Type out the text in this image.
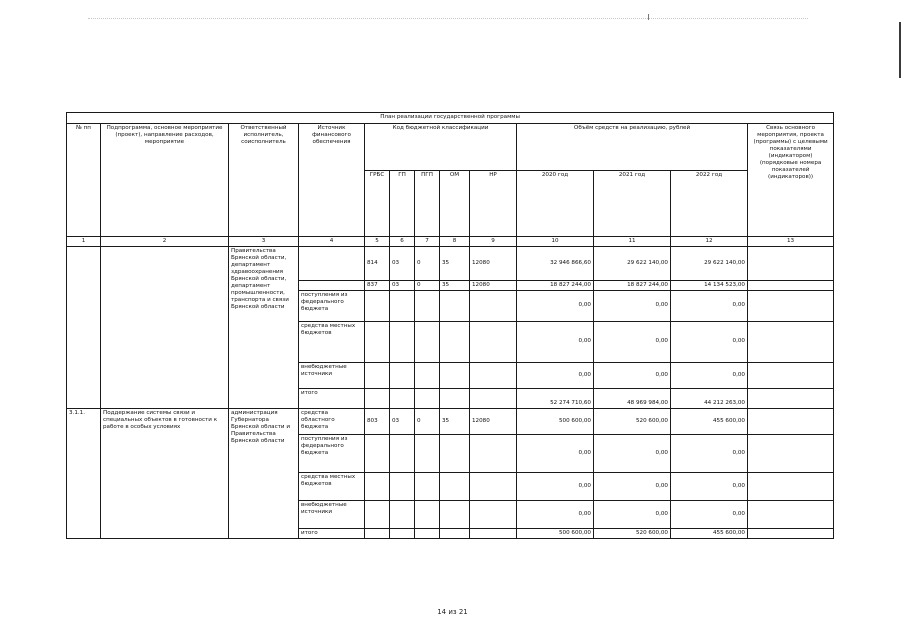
План реализации государственной программы												
№ пп	Подпрограмма, основное мероприятие (проект), направление расходов, мероприятие	Ответственный исполнитель, соисполнитель	Источник финансового обеспечения	Код бюджетной классификации					Объём средств на реализацию, рублей			Связь основного мероприятия, проекта (программы) с целевыми показателями (индикатором) (порядковые номера показателей (индикаторов))
				ГРБС	ГП	ПГП	ОМ	НР	2020 год	2021 год	2022 год	
1	2	3	4	5	6	7	8	9	10	11	12	13
		Правительства Брянской области, департамент здравоохранения Брянской области, департамент промышленности, транспорта и связи Брянской области		814	03	0	35	12080	32 946 866,60	29 622 140,00	29 622 140,00	
				837	03	0	35	12080	18 827 244,00	18 827 244,00	14 134 523,00	
			поступления из федерального бюджета						0,00	0,00	0,00	
			средства местных бюджетов						0,00	0,00	0,00	
			внебюджетные источники						0,00	0,00	0,00	
			итого						52 274 710,60	48 969 984,00	44 212 263,00	
3.1.1.	Поддержание системы связи и специальных объектов в готовности к работе в особых условиях	администрация Губернатора Брянской области и Правительства Брянской области	средства областного бюджета	803	03	0	35	12080	500 600,00	520 600,00	455 600,00	
			поступления из федерального бюджета						0,00	0,00	0,00	
			средства местных бюджетов						0,00	0,00	0,00	
			внебюджетные источники						0,00	0,00	0,00	
			итого						500 600,00	520 600,00	455 600,00	
14 из 21
